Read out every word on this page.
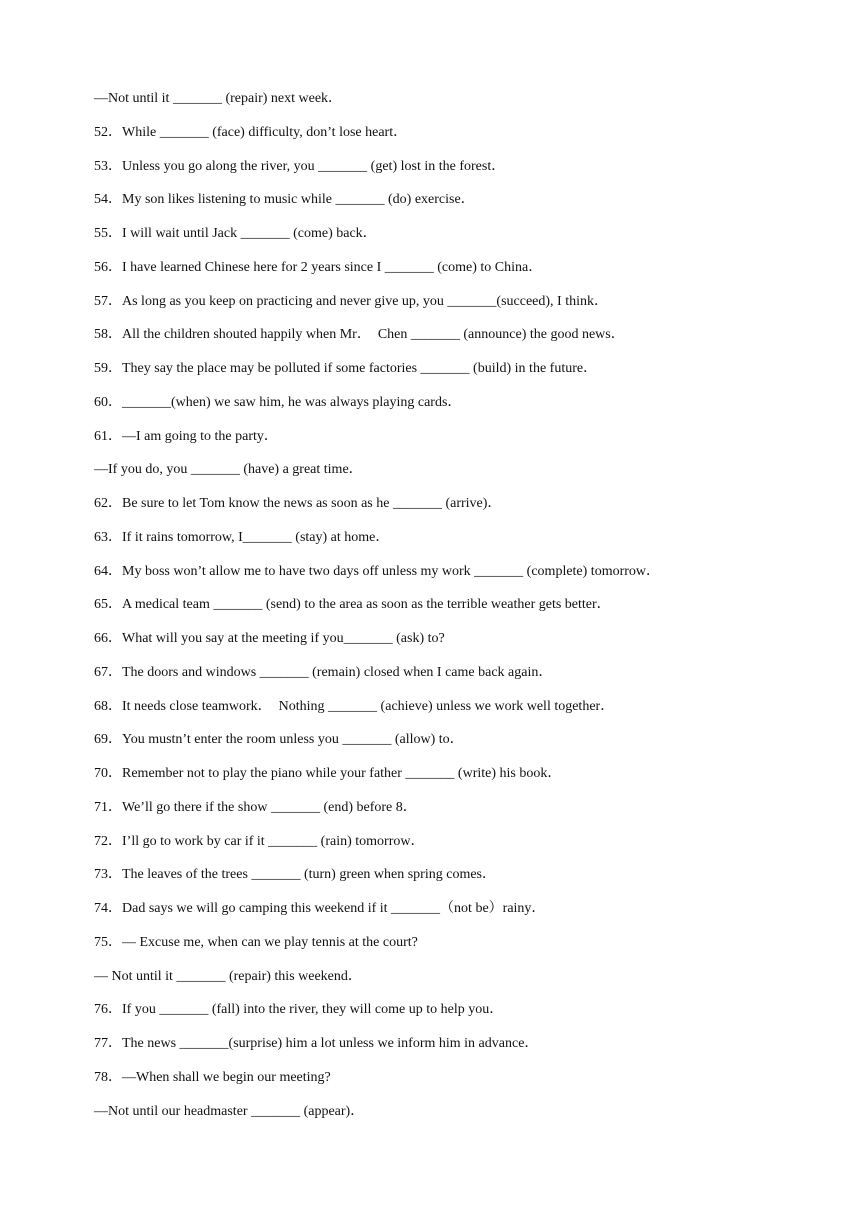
—Not until it _______ (repair) next week．
52．While _______ (face) difficulty, don’t lose heart．
53．Unless you go along the river, you _______ (get) lost in the forest．
54．My son likes listening to music while _______ (do) exercise．
55．I will wait until Jack _______ (come) back．
56．I have learned Chinese here for 2 years since I _______ (come) to China．
57．As long as you keep on practicing and never give up, you _______(succeed), I think．
58．All the children shouted happily when Mr．  Chen _______ (announce) the good news．
59．They say the place may be polluted if some factories _______ (build) in the future．
60．_______(when) we saw him, he was always playing cards．
61．—I am going to the party．
—If you do, you _______ (have) a great time．
62．Be sure to let Tom know the news as soon as he _______ (arrive)．
63．If it rains tomorrow, I_______ (stay) at home．
64．My boss won’t allow me to have two days off unless my work _______ (complete) tomorrow．
65．A medical team _______ (send) to the area as soon as the terrible weather gets better．
66．What will you say at the meeting if you_______ (ask) to?
67．The doors and windows _______ (remain) closed when I came back again．
68．It needs close teamwork．  Nothing _______ (achieve) unless we work well together．
69．You mustn’t enter the room unless you _______ (allow) to．
70．Remember not to play the piano while your father _______ (write) his book．
71．We’ll go there if the show _______ (end) before 8．
72．I’ll go to work by car if it _______ (rain) tomorrow．
73．The leaves of the trees _______ (turn) green when spring comes．
74．Dad says we will go camping this weekend if it _______（not be）rainy．
75．— Excuse me, when can we play tennis at the court?
— Not until it _______ (repair) this weekend．
76．If you _______ (fall) into the river, they will come up to help you．
77．The news _______(surprise) him a lot unless we inform him in advance．
78．—When shall we begin our meeting?
—Not until our headmaster _______ (appear)．
